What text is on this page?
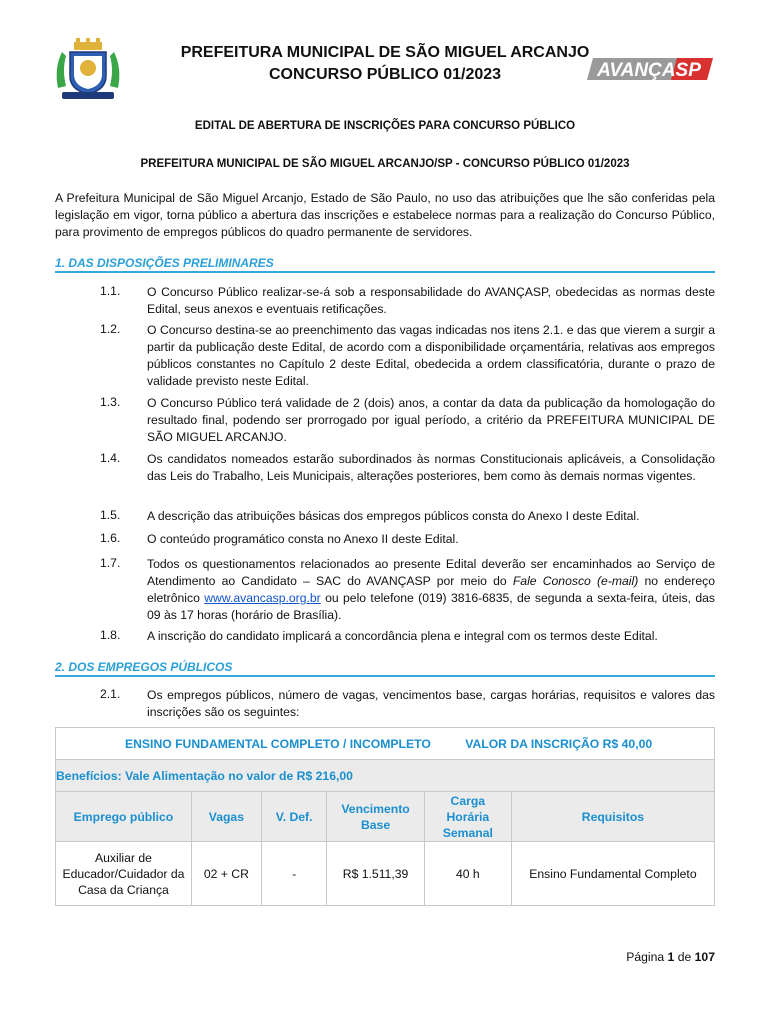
PREFEITURA MUNICIPAL DE SÃO MIGUEL ARCANJO
CONCURSO PÚBLICO 01/2023	AVANÇASP
EDITAL DE ABERTURA DE INSCRIÇÕES PARA CONCURSO PÚBLICO
PREFEITURA MUNICIPAL DE SÃO MIGUEL ARCANJO/SP - CONCURSO PÚBLICO 01/2023
A Prefeitura Municipal de São Miguel Arcanjo, Estado de São Paulo, no uso das atribuições que lhe são conferidas pela legislação em vigor, torna público a abertura das inscrições e estabelece normas para a realização do Concurso Público, para provimento de empregos públicos do quadro permanente de servidores.
1. DAS DISPOSIÇÕES PRELIMINARES
1.1. O Concurso Público realizar-se-á sob a responsabilidade do AVANÇASP, obedecidas as normas deste Edital, seus anexos e eventuais retificações.
1.2. O Concurso destina-se ao preenchimento das vagas indicadas nos itens 2.1. e das que vierem a surgir a partir da publicação deste Edital, de acordo com a disponibilidade orçamentária, relativas aos empregos públicos constantes no Capítulo 2 deste Edital, obedecida a ordem classificatória, durante o prazo de validade previsto neste Edital.
1.3. O Concurso Público terá validade de 2 (dois) anos, a contar da data da publicação da homologação do resultado final, podendo ser prorrogado por igual período, a critério da PREFEITURA MUNICIPAL DE SÃO MIGUEL ARCANJO.
1.4. Os candidatos nomeados estarão subordinados às normas Constitucionais aplicáveis, a Consolidação das Leis do Trabalho, Leis Municipais, alterações posteriores, bem como às demais normas vigentes.
1.5. A descrição das atribuições básicas dos empregos públicos consta do Anexo I deste Edital.
1.6. O conteúdo programático consta no Anexo II deste Edital.
1.7. Todos os questionamentos relacionados ao presente Edital deverão ser encaminhados ao Serviço de Atendimento ao Candidato – SAC do AVANÇASP por meio do Fale Conosco (e-mail) no endereço eletrônico www.avancasp.org.br ou pelo telefone (019) 3816-6835, de segunda a sexta-feira, úteis, das 09 às 17 horas (horário de Brasília).
1.8. A inscrição do candidato implicará a concordância plena e integral com os termos deste Edital.
2. DOS EMPREGOS PÚBLICOS
2.1. Os empregos públicos, número de vagas, vencimentos base, cargas horárias, requisitos e valores das inscrições são os seguintes:
ENSINO FUNDAMENTAL COMPLETO / INCOMPLETO VALOR DA INSCRIÇÃO R$ 40,00					
Benefícios: Vale Alimentação no valor de R$ 216,00					
Emprego público	Vagas	V. Def.	Vencimento Base	Carga Horária Semanal	Requisitos
Auxiliar de Educador/Cuidador da Casa da Criança	02 + CR	-	R$ 1.511,39	40 h	Ensino Fundamental Completo
Página 1 de 107
